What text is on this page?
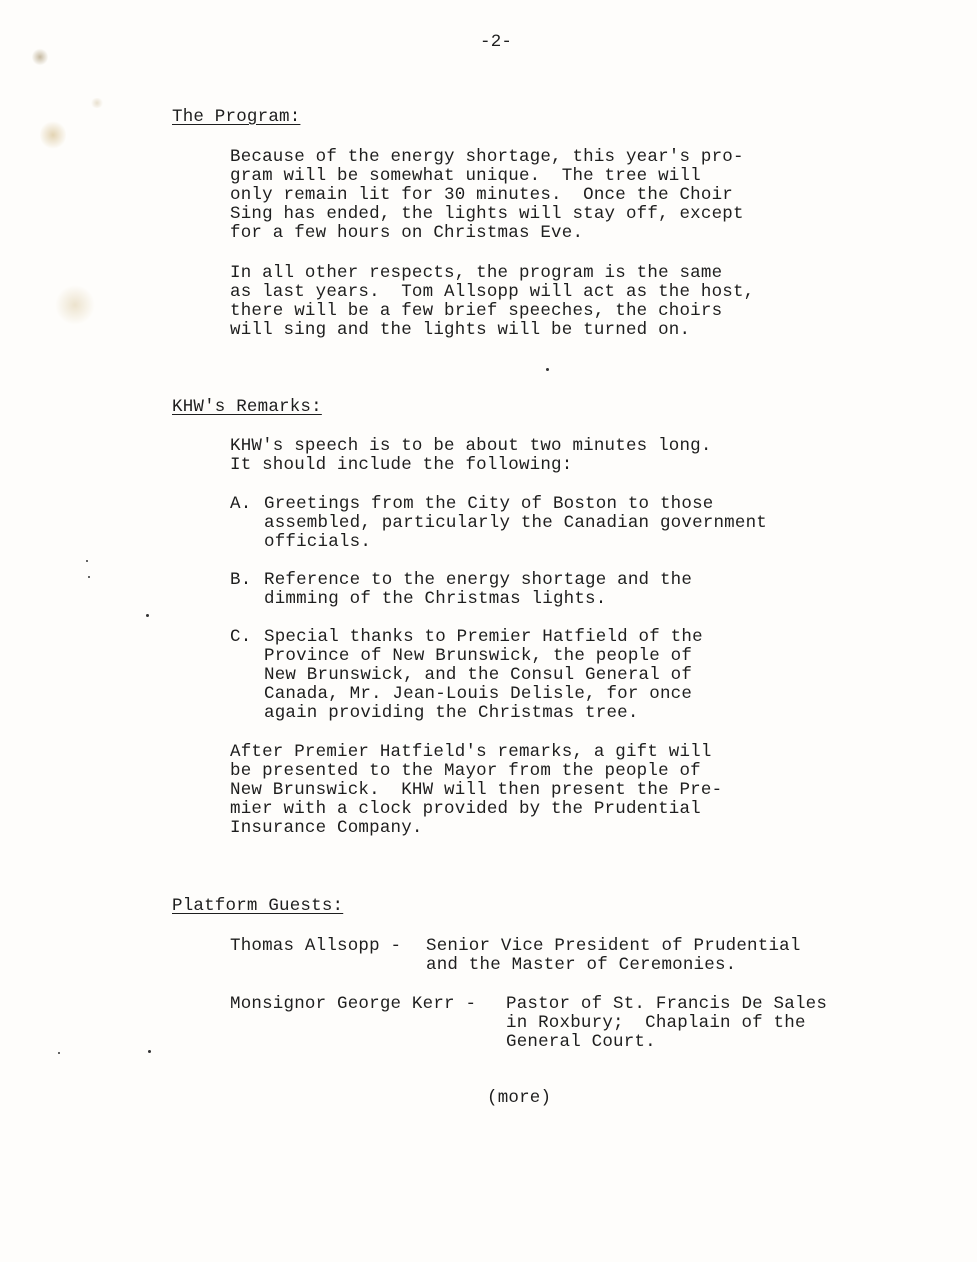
-2-
The Program:
Because of the energy shortage, this year's pro-
gram will be somewhat unique.  The tree will
only remain lit for 30 minutes.  Once the Choir
Sing has ended, the lights will stay off, except
for a few hours on Christmas Eve.
In all other respects, the program is the same
as last years.  Tom Allsopp will act as the host,
there will be a few brief speeches, the choirs
will sing and the lights will be turned on.
KHW's Remarks:
KHW's speech is to be about two minutes long.
It should include the following:
A. Greetings from the City of Boston to those
assembled, particularly the Canadian government
officials.
B. Reference to the energy shortage and the
dimming of the Christmas lights.
C. Special thanks to Premier Hatfield of the
Province of New Brunswick, the people of
New Brunswick, and the Consul General of
Canada, Mr. Jean-Louis Delisle, for once
again providing the Christmas tree.
After Premier Hatfield's remarks, a gift will
be presented to the Mayor from the people of
New Brunswick.  KHW will then present the Pre-
mier with a clock provided by the Prudential
Insurance Company.
Platform Guests:
Thomas Allsopp - Senior Vice President of Prudential
and the Master of Ceremonies.
Monsignor George Kerr - Pastor of St. Francis De Sales
in Roxbury;  Chaplain of the
General Court.
(more)
